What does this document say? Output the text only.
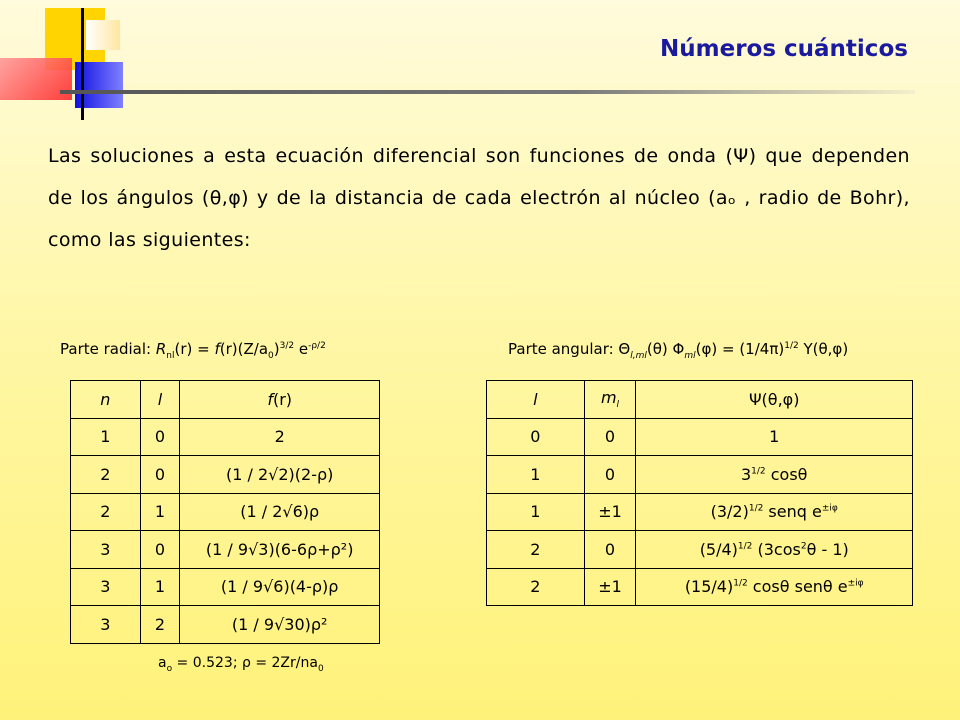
Números cuánticos
Las soluciones a esta ecuación diferencial son funciones de onda (Ψ) que dependen de los ángulos (θ,φ) y de la distancia de cada electrón al núcleo (aₒ , radio de Bohr), como las siguientes:
Parte radial: $R_{nl}(r) = f(r)(Z/a_0)^{3/2}$ $e^{-\rho/2}$	Parte angular: $\Theta_{l,ml}(\theta) \Phi_{ml}(\varphi) = (1/4\pi)^{1/2}$ Y(θ,φ)
n	l	f(r)
1	0	2
2	0	(1 / 2√2)(2-ρ)
2	1	(1 / 2√6)ρ
3	0	(1 / 9√3)(6-6ρ+ρ²)
3	1	(1 / 9√6)(4-ρ)ρ
3	2	(1 / 9√30)ρ²
l	$m_l$	Ψ(θ,φ)
0	0	1
1	0	$3^{1/2}$ cosθ
1	±1	$(3/2)^{1/2}$ senq $e^{\pm i\varphi}$
2	0	$(5/4)^{1/2}$ $(3\cos^2\theta - 1)$
2	±1	$(15/4)^{1/2}$ cosθ senθ $e^{\pm i\varphi}$
$a_o = 0.523$; $\rho = 2Zr/na_0$
